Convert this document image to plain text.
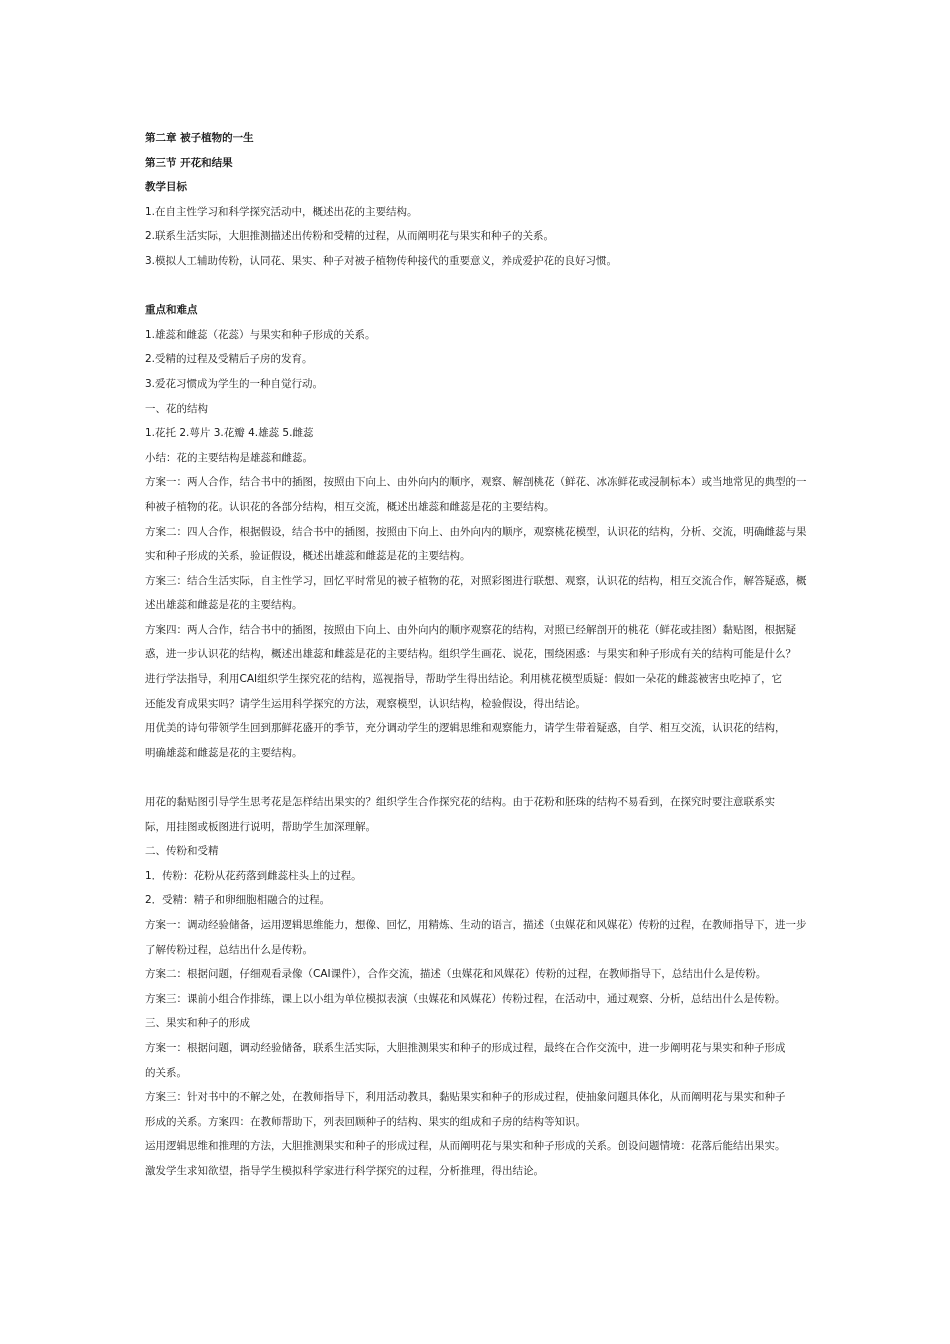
第二章 被子植物的一生
第三节 开花和结果
教学目标
1.在自主性学习和科学探究活动中，概述出花的主要结构。
2.联系生活实际，大胆推测描述出传粉和受精的过程，从而阐明花与果实和种子的关系。
3.模拟人工辅助传粉，认同花、果实、种子对被子植物传种接代的重要意义，养成爱护花的良好习惯。
重点和难点
1.雄蕊和雌蕊（花蕊）与果实和种子形成的关系。
2.受精的过程及受精后子房的发育。
3.爱花习惯成为学生的一种自觉行动。
一、花的结构
1.花托 2.萼片 3.花瓣 4.雄蕊 5.雌蕊
小结：花的主要结构是雄蕊和雌蕊。
方案一：两人合作，结合书中的插图，按照由下向上、由外向内的顺序，观察、解剖桃花（鲜花、冰冻鲜花或浸制标本）或当地常见的典型的一
种被子植物的花。认识花的各部分结构，相互交流，概述出雄蕊和雌蕊是花的主要结构。
方案二：四人合作，根据假设，结合书中的插图，按照由下向上、由外向内的顺序，观察桃花模型，认识花的结构，分析、交流，明确雌蕊与果
实和种子形成的关系，验证假设，概述出雄蕊和雌蕊是花的主要结构。
方案三：结合生活实际，自主性学习，回忆平时常见的被子植物的花，对照彩图进行联想、观察，认识花的结构，相互交流合作，解答疑惑，概
述出雄蕊和雌蕊是花的主要结构。
方案四：两人合作，结合书中的插图，按照由下向上、由外向内的顺序观察花的结构，对照已经解剖开的桃花（鲜花或挂图）黏贴图，根据疑
惑，进一步认识花的结构，概述出雄蕊和雌蕊是花的主要结构。组织学生画花、说花，围绕困惑：与果实和种子形成有关的结构可能是什么？
进行学法指导，利用CAI组织学生探究花的结构，巡视指导，帮助学生得出结论。利用桃花模型质疑：假如一朵花的雌蕊被害虫吃掉了，它
还能发育成果实吗？请学生运用科学探究的方法，观察模型，认识结构，检验假设，得出结论。
用优美的诗句带领学生回到那鲜花盛开的季节，充分调动学生的逻辑思维和观察能力，请学生带着疑惑，自学、相互交流，认识花的结构，
明确雄蕊和雌蕊是花的主要结构。
用花的黏贴图引导学生思考花是怎样结出果实的？组织学生合作探究花的结构。由于花粉和胚珠的结构不易看到，在探究时要注意联系实
际，用挂图或板图进行说明，帮助学生加深理解。
二、传粉和受精
1．传粉：花粉从花药落到雌蕊柱头上的过程。
2．受精：精子和卵细胞相融合的过程。
方案一：调动经验储备，运用逻辑思维能力，想像、回忆，用精炼、生动的语言，描述（虫媒花和风媒花）传粉的过程，在教师指导下，进一步
了解传粉过程，总结出什么是传粉。
方案二：根据问题，仔细观看录像（CAI课件），合作交流，描述（虫媒花和风媒花）传粉的过程，在教师指导下，总结出什么是传粉。
方案三：课前小组合作排练，课上以小组为单位模拟表演（虫媒花和风媒花）传粉过程，在活动中，通过观察、分析，总结出什么是传粉。
三、果实和种子的形成
方案一：根据问题，调动经验储备，联系生活实际，大胆推测果实和种子的形成过程，最终在合作交流中，进一步阐明花与果实和种子形成
的关系。
方案三：针对书中的不解之处，在教师指导下，利用活动教具，黏贴果实和种子的形成过程，使抽象问题具体化，从而阐明花与果实和种子
形成的关系。方案四：在教师帮助下，列表回顾种子的结构、果实的组成和子房的结构等知识。
运用逻辑思维和推理的方法，大胆推测果实和种子的形成过程，从而阐明花与果实和种子形成的关系。创设问题情境：花落后能结出果实。
激发学生求知欲望，指导学生模拟科学家进行科学探究的过程，分析推理，得出结论。
